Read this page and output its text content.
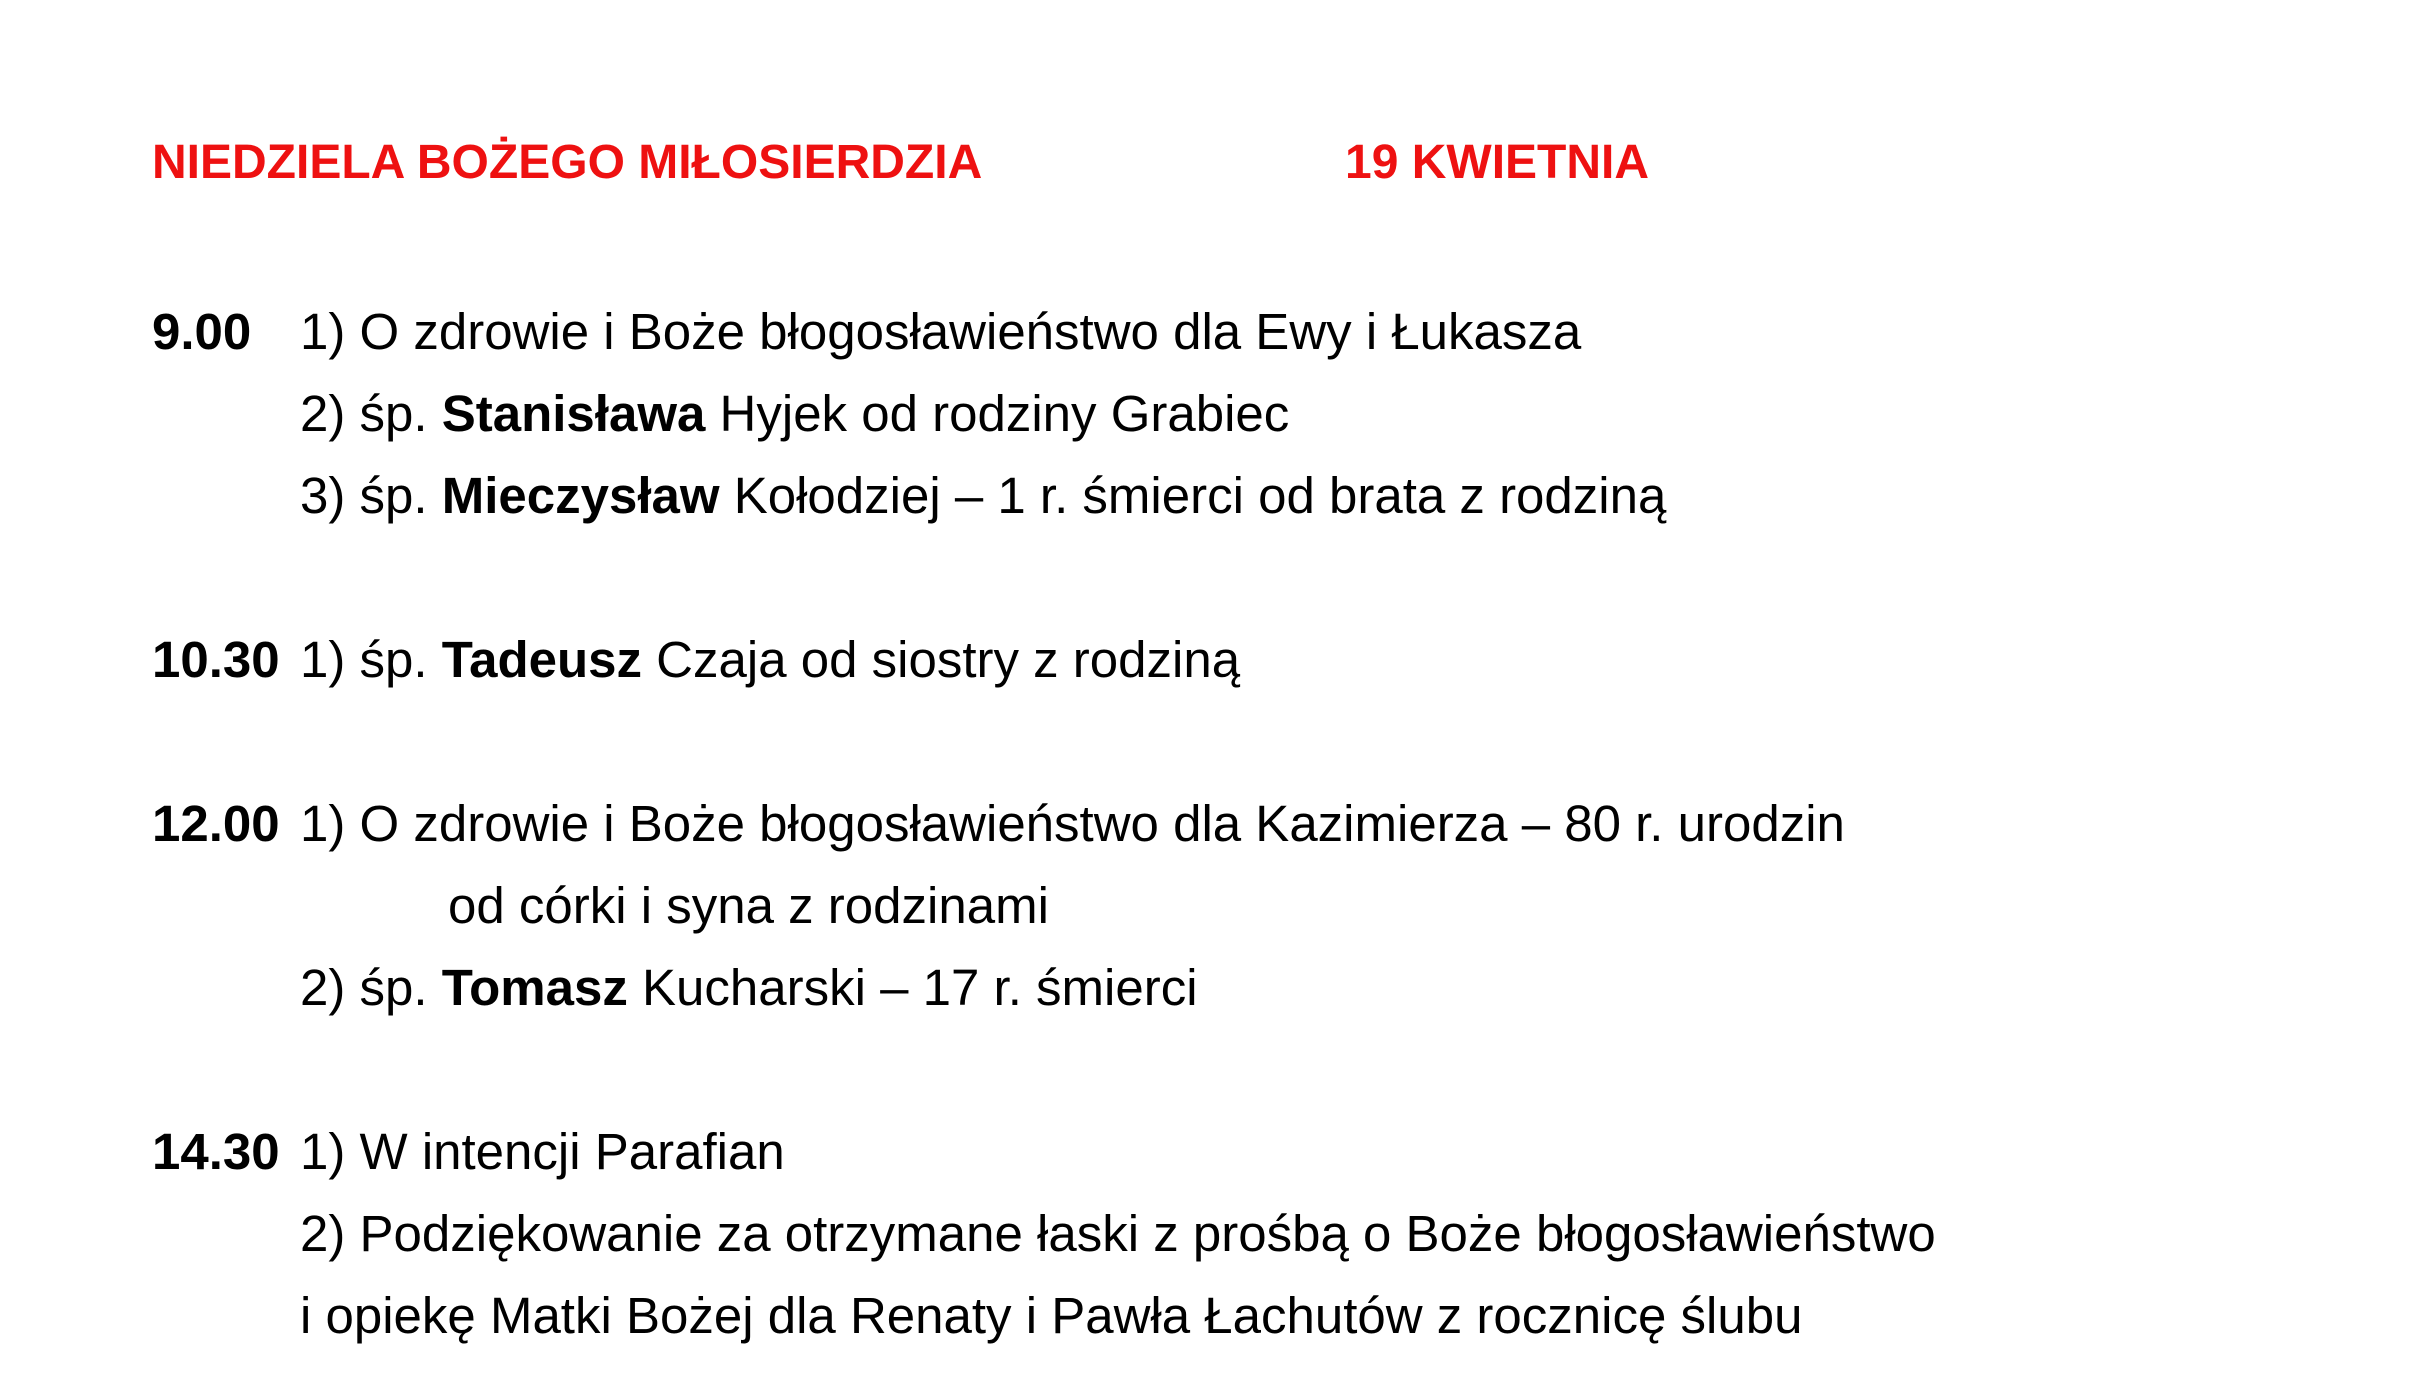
NIEDZIELA BOŻEGO MIŁOSIERDZIA	19 KWIETNIA
9.00 1) O zdrowie i Boże błogosławieństwo dla Ewy i Łukasza
2) śp. Stanisława Hyjek od rodziny Grabiec
3) śp. Mieczysław Kołodziej – 1 r. śmierci od brata z rodziną
10.30 1) śp. Tadeusz Czaja od siostry z rodziną
12.00 1) O zdrowie i Boże błogosławieństwo dla Kazimierza – 80 r. urodzin
od córki i syna z rodzinami
2) śp. Tomasz Kucharski – 17 r. śmierci
14.30 1) W intencji Parafian
2) Podziękowanie za otrzymane łaski z prośbą o Boże błogosławieństwo
i opiekę Matki Bożej dla Renaty i Pawła Łachutów z rocznicę ślubu
